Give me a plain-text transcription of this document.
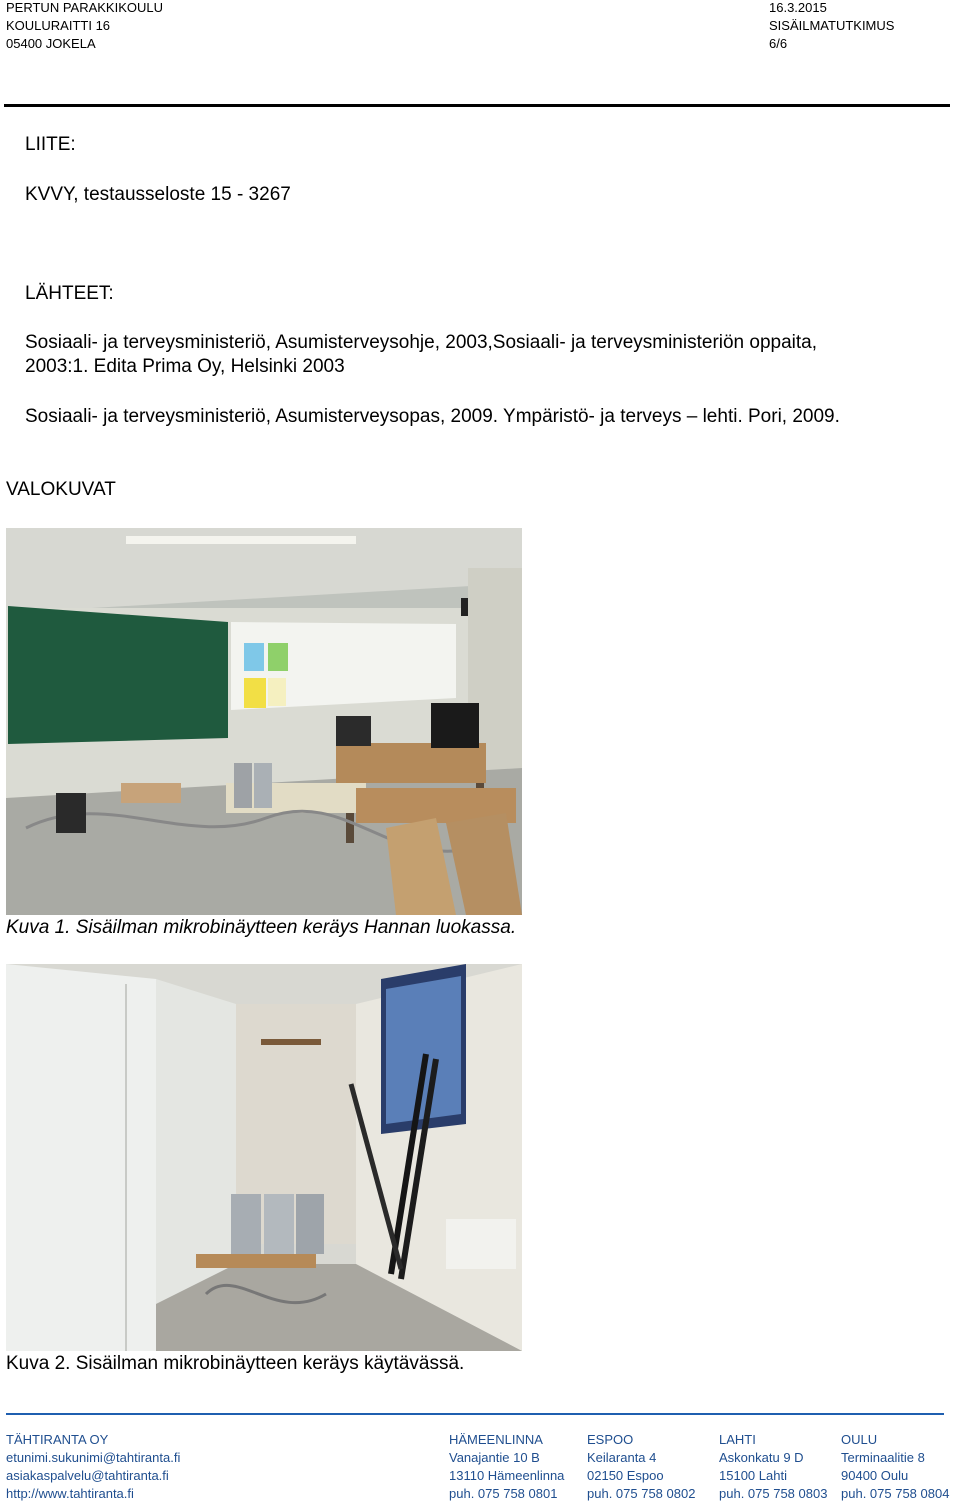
PERTUN PARAKKIKOULU
KOULURAITTI 16
05400 JOKELA
16.3.2015
SISÄILMATUTKIMUS
6/6
LIITE:
KVVY, testausseloste 15 - 3267
LÄHTEET:
Sosiaali- ja terveysministeriö, Asumisterveysohje, 2003,Sosiaali- ja terveysministeriön oppaita,
2003:1. Edita Prima Oy, Helsinki 2003
Sosiaali- ja terveysministeriö, Asumisterveysopas, 2009. Ympäristö- ja terveys – lehti. Pori, 2009.
VALOKUVAT
Kuva 1. Sisäilman mikrobinäytteen keräys Hannan luokassa.
Kuva 2. Sisäilman mikrobinäytteen keräys käytävässä.
TÄHTIRANTA OY
etunimi.sukunimi@tahtiranta.fi
asiakaspalvelu@tahtiranta.fi
http://www.tahtiranta.fi
HÄMEENLINNA
Vanajantie 10 B
13110 Hämeenlinna
puh. 075 758 0801
ESPOO
Keilaranta 4
02150 Espoo
puh. 075 758 0802
LAHTI
Askonkatu 9 D
15100 Lahti
puh. 075 758 0803
OULU
Terminaalitie 8
90400 Oulu
puh. 075 758 0804
